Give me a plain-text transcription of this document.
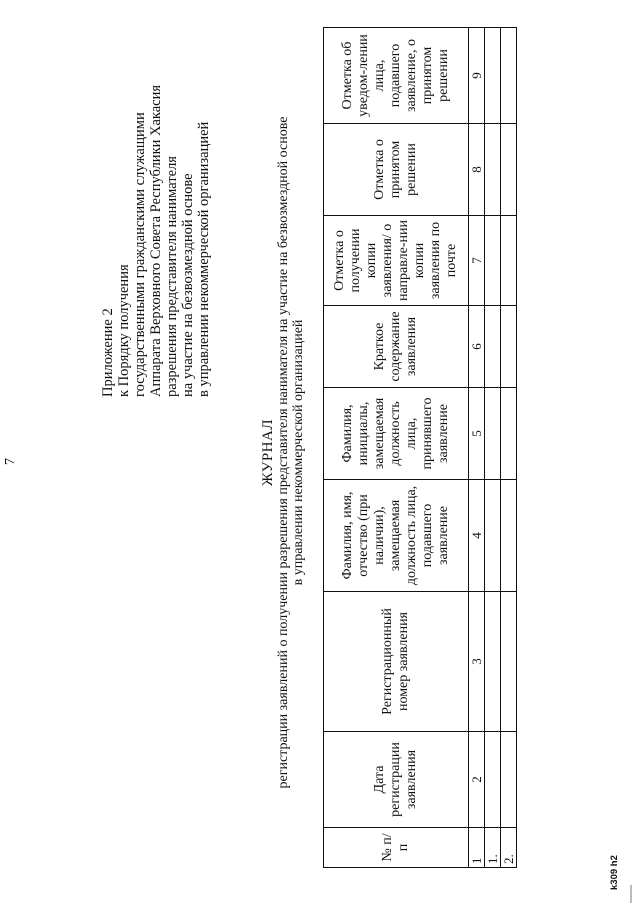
7
Приложение 2 к Порядку получения государственными гражданскими служащими Аппарата Верховного Совета Республики Хакасия разрешения представителя нанимателя на участие на безвозмездной основе в управлении некоммерческой организацией
ЖУРНАЛ регистрации заявлений о получении разрешения представителя нанимателя на участие на безвозмездной основе в управлении некоммерческой организацией
№ п/п	Дата регистрации заявления	Регистрационный номер заявления	Фамилия, имя, отчество (при наличии), замещаемая должность лица, подавшего заявление	Фамилия, инициалы, замещаемая должность лица, принявшего заявление	Краткое содержание заявления	Отметка о получении копии заявления/ о направле-нии копии заявления по почте	Отметка о принятом решении	Отметка об уведом-лении лица, подавшего заявление, о принятом решении
1	2	3	4	5	6	7	8	9
1.								
2.									k309 h2
